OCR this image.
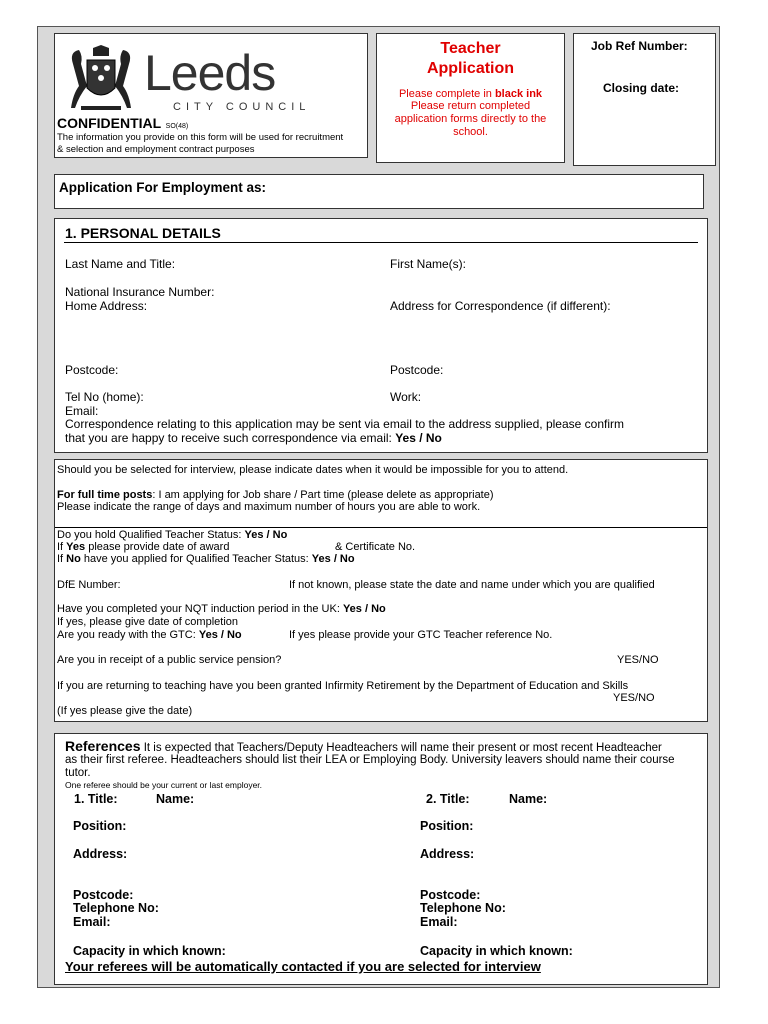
Leeds
CITY COUNCIL
CONFIDENTIAL SO(48)
The information you provide on this form will be used for recruitment
& selection and employment contract purposes
Teacher
Application
Please complete in black ink
Please return completed
application forms directly to the
school.
Job Ref Number:
Closing date:
Application For Employment as:
1. PERSONAL DETAILS
Last Name and Title:	First Name(s):
National Insurance Number:
Home Address:	Address for Correspondence (if different):
Postcode:	Postcode:
Tel No (home):	Work:
Email:
Correspondence relating to this application may be sent via email to the address supplied, please confirm
that you are happy to receive such correspondence via email: Yes / No
Should you be selected for interview, please indicate dates when it would be impossible for you to attend.
For full time posts: I am applying for Job share / Part time (please delete as appropriate)
Please indicate the range of days and maximum number of hours you are able to work.
Do you hold Qualified Teacher Status: Yes / No
If Yes please provide date of award	& Certificate No.
If No have you applied for Qualified Teacher Status: Yes / No
DfE Number:	If not known, please state the date and name under which you are qualified
Have you completed your NQT induction period in the UK: Yes / No
If yes, please give date of completion
Are you ready with the GTC: Yes / No	If yes please provide your GTC Teacher reference No.
Are you in receipt of a public service pension?	YES/NO
If you are returning to teaching have you been granted Infirmity Retirement by the Department of Education and Skills
YES/NO
(If yes please give the date)
References It is expected that Teachers/Deputy Headteachers will name their present or most recent Headteacher
as their first referee. Headteachers should list their LEA or Employing Body. University leavers should name their course
tutor.
One referee should be your current or last employer.
1. Title:	Name:	2. Title:	Name:
Position:	Position:
Address:	Address:
Postcode:	Postcode:
Telephone No:	Telephone No:
Email:	Email:
Capacity in which known:	Capacity in which known:
Your referees will be automatically contacted if you are selected for interview
